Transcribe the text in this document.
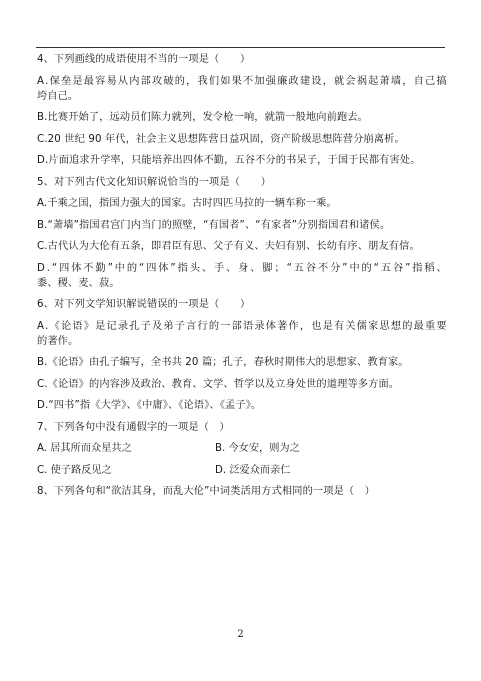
4、下列画线的成语使用不当的一项是（　　）

A . 保 垒 是 最 容 易 从 内 部 攻 破 的 ， 我 们 如 果 不 加 强 廉 政 建 设 ， 就 会 祸 起 萧 墙 ， 自 己 搞

垮自己。

B.比赛开始了，远动员们陈力就列，发令枪一响，就箭一般地向前跑去。

C.20 世纪 90 年代，社会主义思想阵营日益巩固，资产阶级思想阵营分崩离析。

D.片面追求升学率，只能培养出四体不勤，五谷不分的书呆子，于国于民都有害处。

5、对下列古代文化知识解说恰当的一项是（　　）

A.千乘之国，指国力强大的国家。古时四匹马拉的一辆车称一乘。

B.“萧墙”指国君宫门内当门的照壁，“有国者”、“有家者”分别指国君和诸侯。

C.古代认为大伦有五条，即君臣有思、父子有义、夫妇有别、长幼有序、朋友有信。

D . “ 四 体 不 勤 ” 中 的 “ 四 体 ” 指 头 、 手 、 身 、 脚 ； “ 五 谷 不 分 ” 中 的 “ 五 谷 ” 指 稻 、

黍、稷、麦、菽。

6、对下列文学知识解说错误的一项是（　　）

A . 《 论 语 》 是 记 录 孔 子 及 弟 子 言 行 的 一 部 语 录 体 著 作 ， 也 是 有 关 儒 家 思 想 的 最 重 要

的著作。

B.《论语》由孔子编写，全书共 20 篇；孔子，春秋时期伟大的思想家、教育家。

C.《论语》的内容涉及政治、教育、文学、哲学以及立身处世的道理等多方面。

D.“四书”指《大学》、《中庸》、《论语》、《孟子》。

7、下列各句中没有通假字的一项是（　）

A. 居其所而众星共之	B. 今女安，则为之
C. 使子路反见之	D. 泛爱众而亲仁

8、下列各句和“欲洁其身，而乱大伦”中词类活用方式相同的一项是（　）

2
